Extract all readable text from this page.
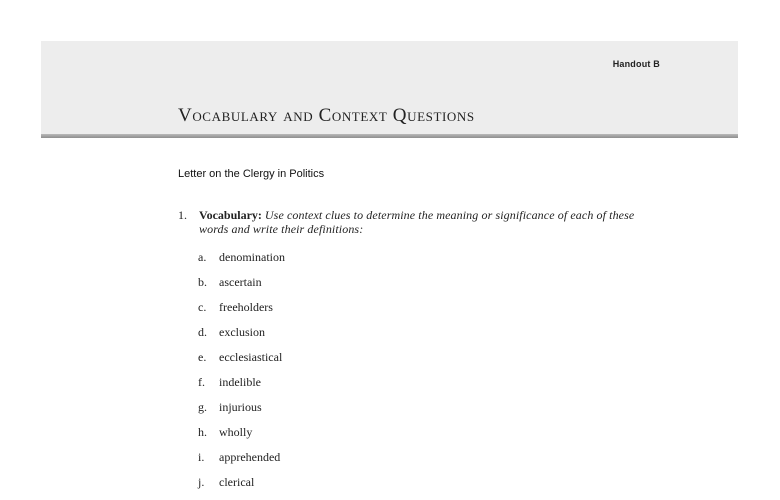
Handout B
Vocabulary and Context Questions
Letter on the Clergy in Politics
1. Vocabulary: Use context clues to determine the meaning or significance of each of these words and write their definitions:
a. denomination
b. ascertain
c. freeholders
d. exclusion
e. ecclesiastical
f. indelible
g. injurious
h. wholly
i. apprehended
j. clerical
